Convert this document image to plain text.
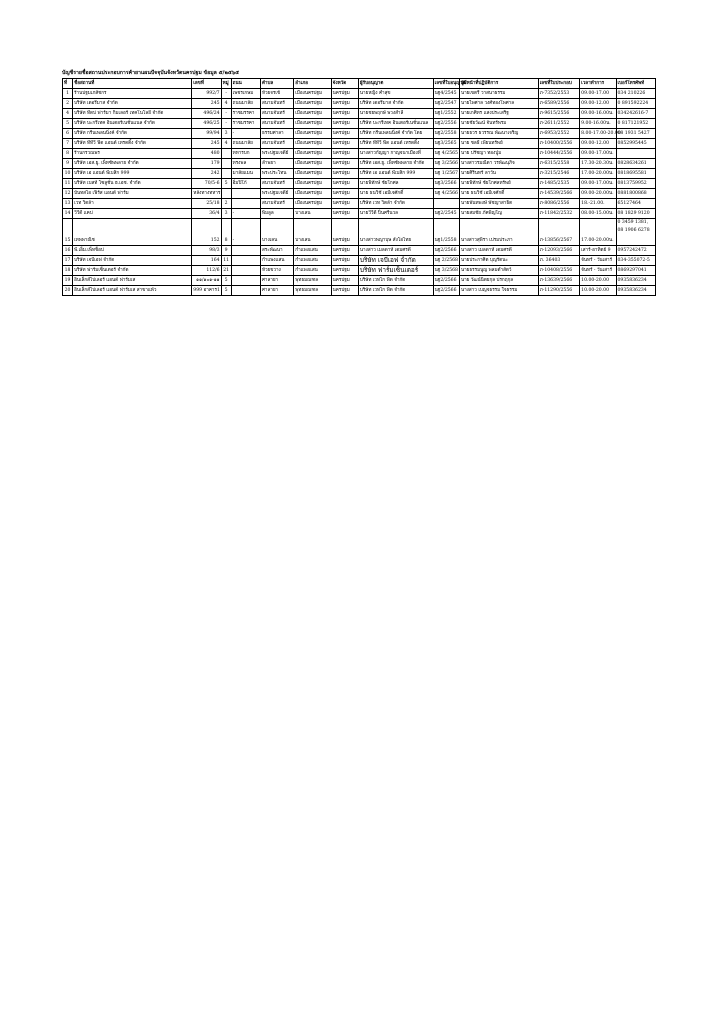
บัญชีรายชื่อสถานประกอบการค้ายาแผนปัจจุบันจังหวัดนครปฐม ข้อมูล ๕/๒๕๖๕
ที่	ชื่อสถานที่	เลขที่	หมู่	ถนน	ตำบล	อำเภอ	จังหวัด	ผู้รับอนุญาต	เลขที่ใบอนุญาต	ผู้มีหน้าที่ปฏิบัติการ	เลขที่ใบประกอบ	เวลาทำการ	เบอร์โทรศัพท์
1	ร้านปฐมเภสัชกร	992/7	-	เพชรเกษม	ห้วยจรเข้	เมืองนครปฐม	นครปฐม	นายหญิง คำสุข	นฐ4/2545	นายเขตรี วาสนาธรรม	ภ-7352/2553	09.00-17.00	034 210226
2	บริษัท เดอรีมาส จำกัด	245	4	ถนนมาลัย	สนามจันทร์	เมืองนครปฐม	นครปฐม	บริษัท เดอรีมาส จำกัด	นฐ2/2547	นายไพศาล วงศ์ทองโพศาล	ภ-6589/2556	09.00-12.00	0 891592224
4	บริษัท ทีดป ฟาร์มา กิมเลอร์ เทคโนโลยี จำกัด	496/24	-	ราชมรรคา	สนามจันทร์	เมืองนครปฐม	นครปฐม	นายชยพฤกษ์ พวงสำลี	นฐ1/2552	นายเกศิทร แสงประเสริฐ	ภ-9615/2556	09.00-16.00น.	034242616-7
5	บริษัท บะกรีเทค อินเตอร์เนชั่นแนล จำกัด	496/25	-	ราชมรรคา	สนามจันทร์	เมืองนครปฐม	นครปฐม	บริษัท บะกรีเทค อินเตอร์เนชั่นแนล	นฐ2/2556	นายชัยวัฒน์ จันทร์พรม	ภ-2611/2552	9.00-16.00น.	0 817121952
6	บริษัท กรีนเพลนนิ่งค์ จำกัด	99/94	3	-	ธรรมศาลา	เมืองนครปฐม	นครปฐม	บริษัท กรีนเพลนนิ่งค์ จำกัด โดย	นฐ2/2558	นายธวร ธวรรณ พัฒนาเจริญ	ภ-6953/2552	8.00-17.00-20.00	08 1931 5427
7	บริษัท ทีทีวี ฟีด แอนด์ เทรดดิ้ง จำกัด	245	4	ถนนมาลัย	สนามจันทร์	เมืองนครปฐม	นครปฐม	บริษัท ทีทีวี ฟีด แอนด์ เทรดดิ้ง	นฐ3/2565	นาย ชลธี เพียนทรัพย์	ภ-10400/2556	09.00-12.00	0852995445
8	ร้านกรวณพร	480		ทหารบก	พระปฐมเจดีย์	เมืองนครปฐม	นครปฐม	นางสาวกัญญา กาญจนาเมืองที่	นฐ 4/2565	นาย ปรัชญา ทองปู่ม	ภ-10444/2556	09.00-17.00น.	
9	บริษัท เอส.ยู. เพ็ทซัพพลาย จำกัด	179		ทรงพล	ลำพยา	เมืองนครปฐม	นครปฐม	บริษัท เอส.ยู. เพ็ทซัพพลาย จำกัด	นฐ 3/2566	นางสาวรมณีดา วรพัฒนุภิจ	ภ-6315/2558	17.30-20.30น.	0828634261
10	บริษัท เอ แอนด์ พีเบสิก 999	242		มาลัยแมน	พระประโทน	เมืองนครปฐม	นครปฐม	บริษัท เอ แอนด์ พีเบสิก 999	นฐ 1/2567	นายศิรินทร์ ลาวัน	ภ-3215/2546	17.00-20.00น.	0818695581
11	บริษัท เบสท์ โซลูชั่น ฮ.เอช. จำกัด	70/5-6	5	อิ่มปิโก้	สนามจันทร์	เมืองนครปฐม	นครปฐม	นายพิทักษ์ ชัยโกศล	นฐ3/2566	นายพิทักษ์ ชัยโกศลทรัพย์	ภ-1485/2535	09.00-17.00น.	0813759952
12	บันทสไอ เฟิร์ส แอนด์ ฟาร์ม	หลังทางทหาร			พระปฐมเจดีย์	เมืองนครปฐม	นครปฐม	นาย ธนวิชั เอมีเจศักดิ์	นฐ 4/2566	นาย ธนวิชั เอมีเจศักดิ์	ภ-14539/2566	09.00-20.00น.	0881800868
13	เวท วิตล้า	25/18	2		สนามจันทร์	เมืองนครปฐม	นครปฐม	บริษัท เวท วิตล้า จำกัด		นายพันทพงษ์ พัชญาสาธิต	ภ-8086/2556	18.-21.00.	65127464
14	วีวีดี แคป	36/4	3	-	พิมลูล	บางเลน	นครปฐม	นายวีวีดี ปิ่นศรีนวล	นฐ2/2545	นายสมชัย ภัคพิญโญ	ภ-11842/2532	08.00-15.00น.	08 1829 9120
15	เทพพาณิช	152	8	-	บางเลน	บางเลน	นครปฐม	นางสาวพญาบุษ สังโอไทย	นฐ1/2558	นางสาวสุพิรา เปรมประภา	ภ-13856/2567	17.00-20.00น.	0 3459 1381, 08 1906 6278
16	พี.เอ็ม.เพ็ทช็อป	98/3	9		สระพัฒนา	กำแพงแสน	นครปฐม	นางสาว เมลดาห์ เดมศรดี	นฐ2/2566	นางสาว เมลดาห์ เดมศรดี	ภ-12093/2566	เสาร์-อาทิตย์ 9	0957242472
17	บริษัท เจบีเอฟ จำกัด	164	11		กำแพงแสน	กำแพงแสน	นครปฐม	บริษัท เจบีเอฟ จำกัด	นฐ 2/2568	นายประกาศิต บุญรัตนะ	ภ. 36403	จันทร์ - วันเสาร์	034-355072-5
18	บริษัท ฟาร์มเซ็นเตอร์ จำกัด	112/6	21		ห้วยขวาง	กำแพงแสน	นครปฐม	บริษัท ฟาร์มเซ็นเตอร์	นฐ 3/2568	นายธรรมนูญ พลมดำสัตว์	ภ-10408/2556	จันทร์ - วันเสาร์	0869297041
19	อินเล็กส์ไปเลอร์ แอนด์ ฟาร์มเส	๑๑/๑๐๑-๑๑	5		ศาลายา	พุทธมณฑล	นครปฐม	บริษัท เวทไก ฟีด จำกัด	นฐ2/2566	นาย วัฒน์นิตยกุล ปรกฤกุล	ภ-13639/2566	10.00-20.00	0935836234
20	อินเล็กส์ไปเลอร์ แอนด์ ฟาร์มเส สาขาแพ้ว	999 อาคาร1	5		ศาลายา	พุทธมณฑล	นครปฐม	บริษัท เวทไก ฟีด จำกัด	นฐ2/2566	นางสาว เบญจธรรม ใจธรรม	ภ-11290/2556	10.00-20.00	0935836234
